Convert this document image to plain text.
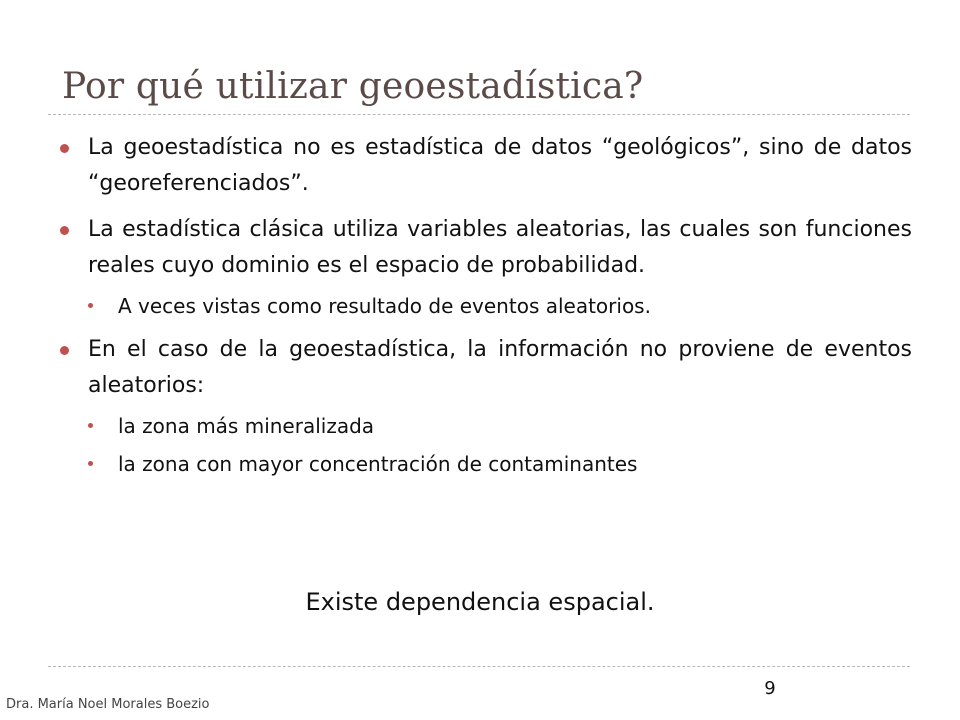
Por qué utilizar geoestadística?
La geoestadística no es estadística de datos “geológicos”, sino de datos “georeferenciados”.
La estadística clásica utiliza variables aleatorias, las cuales son funciones reales cuyo dominio es el espacio de probabilidad.
A veces vistas como resultado de eventos aleatorios.
En el caso de la geoestadística, la información no proviene de eventos aleatorios:
la zona más mineralizada
la zona con mayor concentración de contaminantes
Existe dependencia espacial.
9
Dra. María Noel Morales Boezio
